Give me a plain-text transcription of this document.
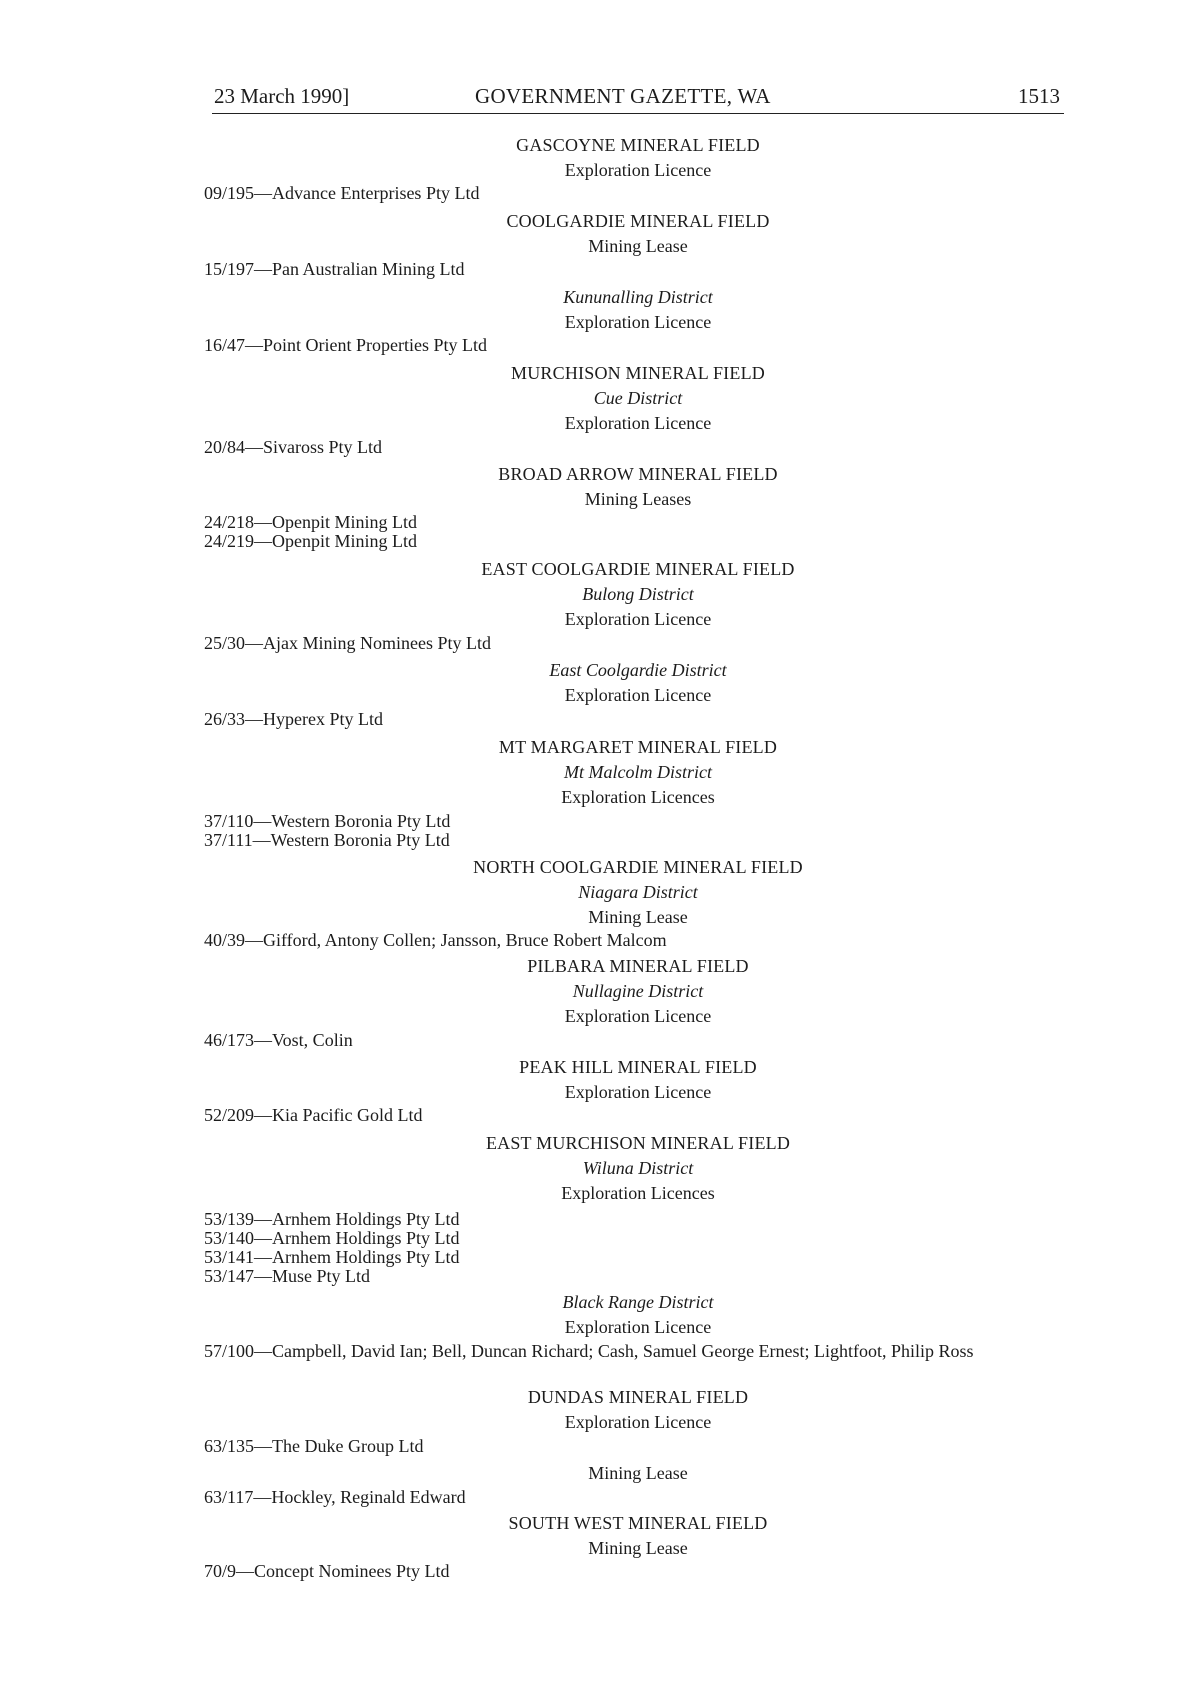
23 March 1990]	GOVERNMENT GAZETTE, WA	1513
GASCOYNE MINERAL FIELD
Exploration Licence
09/195—Advance Enterprises Pty Ltd
COOLGARDIE MINERAL FIELD
Mining Lease
15/197—Pan Australian Mining Ltd
Kununalling District
Exploration Licence
16/47—Point Orient Properties Pty Ltd
MURCHISON MINERAL FIELD
Cue District
Exploration Licence
20/84—Sivaross Pty Ltd
BROAD ARROW MINERAL FIELD
Mining Leases
24/218—Openpit Mining Ltd
24/219—Openpit Mining Ltd
EAST COOLGARDIE MINERAL FIELD
Bulong District
Exploration Licence
25/30—Ajax Mining Nominees Pty Ltd
East Coolgardie District
Exploration Licence
26/33—Hyperex Pty Ltd
MT MARGARET MINERAL FIELD
Mt Malcolm District
Exploration Licences
37/110—Western Boronia Pty Ltd
37/111—Western Boronia Pty Ltd
NORTH COOLGARDIE MINERAL FIELD
Niagara District
Mining Lease
40/39—Gifford, Antony Collen; Jansson, Bruce Robert Malcom
PILBARA MINERAL FIELD
Nullagine District
Exploration Licence
46/173—Vost, Colin
PEAK HILL MINERAL FIELD
Exploration Licence
52/209—Kia Pacific Gold Ltd
EAST MURCHISON MINERAL FIELD
Wiluna District
Exploration Licences
53/139—Arnhem Holdings Pty Ltd
53/140—Arnhem Holdings Pty Ltd
53/141—Arnhem Holdings Pty Ltd
53/147—Muse Pty Ltd
Black Range District
Exploration Licence
57/100—Campbell, David Ian; Bell, Duncan Richard; Cash, Samuel George Ernest; Lightfoot, Philip Ross
DUNDAS MINERAL FIELD
Exploration Licence
63/135—The Duke Group Ltd
Mining Lease
63/117—Hockley, Reginald Edward
SOUTH WEST MINERAL FIELD
Mining Lease
70/9—Concept Nominees Pty Ltd
